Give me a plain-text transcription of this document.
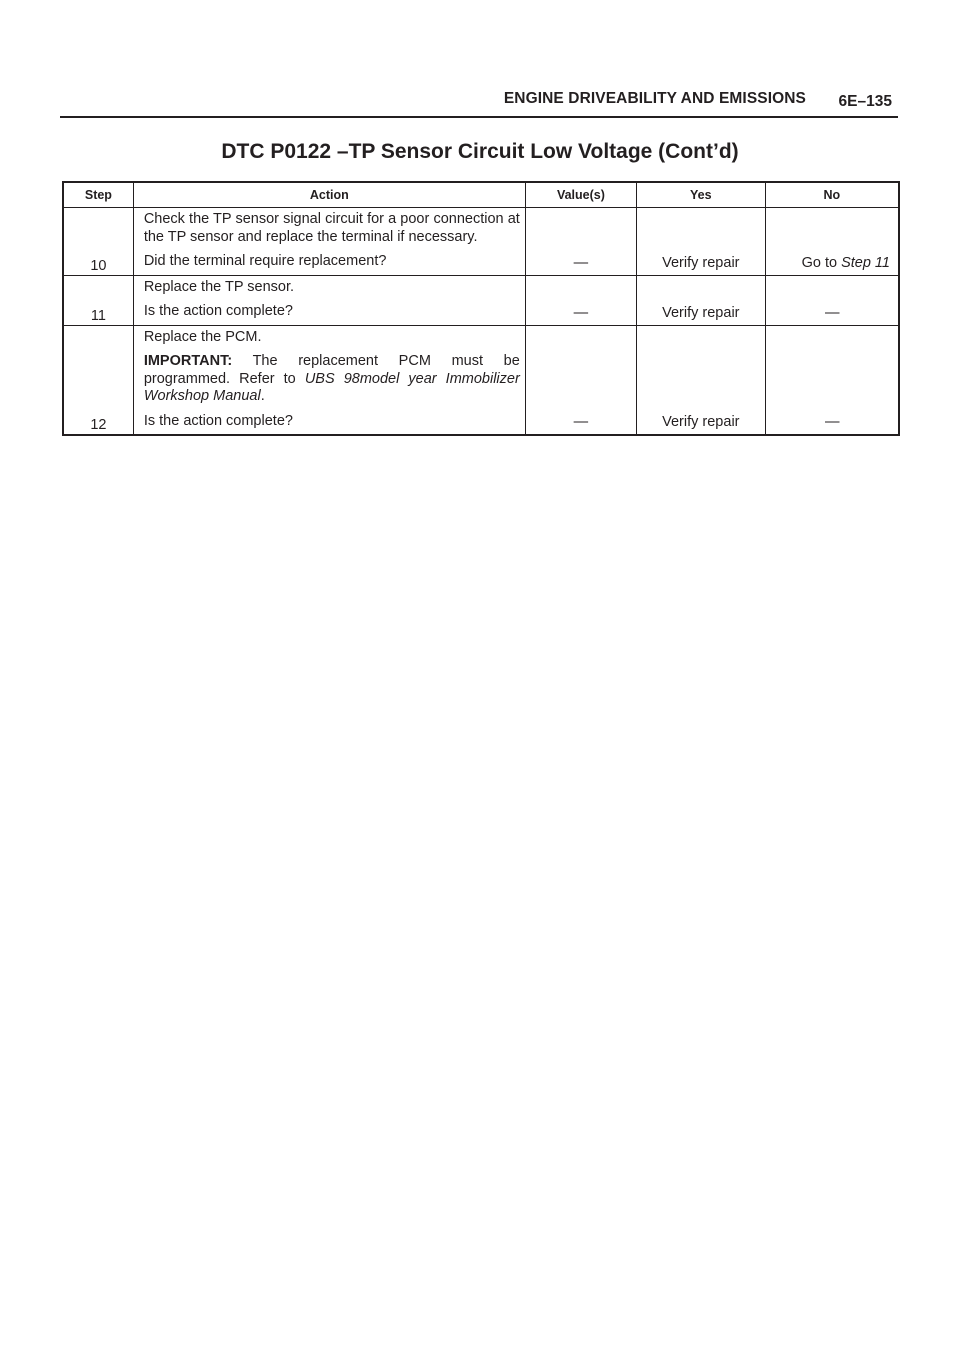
ENGINE DRIVEABILITY AND EMISSIONS 6E–135
DTC P0122 –TP Sensor Circuit Low Voltage (Cont’d)
Step	Action	Value(s)	Yes	No
10	Check the TP sensor signal circuit for a poor connection at the TP sensor and replace the terminal if necessary.
Did the terminal require replacement?	—	Verify repair	Go to Step 11
11	Replace the TP sensor.
Is the action complete?	—	Verify repair	—
12	Replace the PCM.
IMPORTANT: The replacement PCM must be programmed. Refer to UBS 98model year Immobilizer Workshop Manual.
Is the action complete?	—	Verify repair	—
